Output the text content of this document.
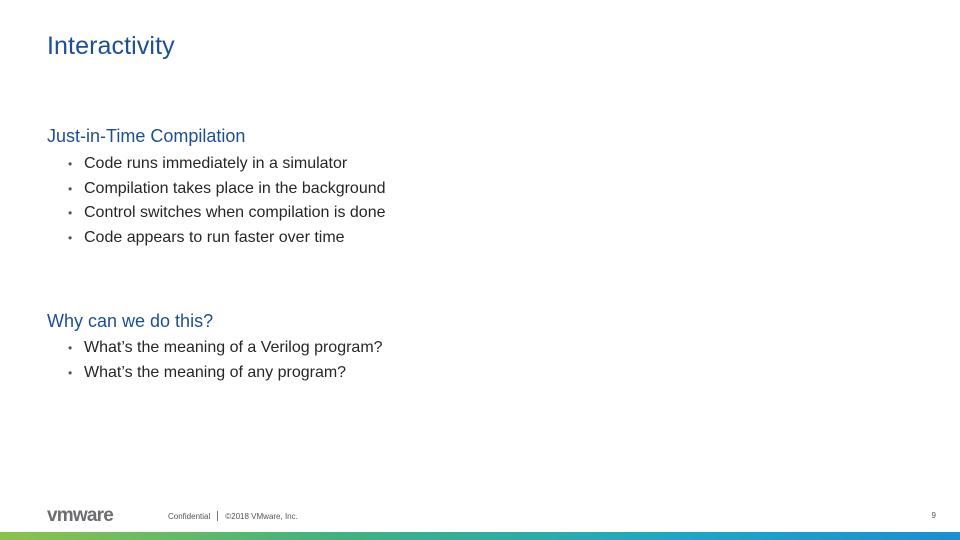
Interactivity
Just-in-Time Compilation
• Code runs immediately in a simulator
• Compilation takes place in the background
• Control switches when compilation is done
• Code appears to run faster over time
Why can we do this?
• What’s the meaning of a Verilog program?
• What’s the meaning of any program?
vmware	Confidential ©2018 VMware, Inc.	9
